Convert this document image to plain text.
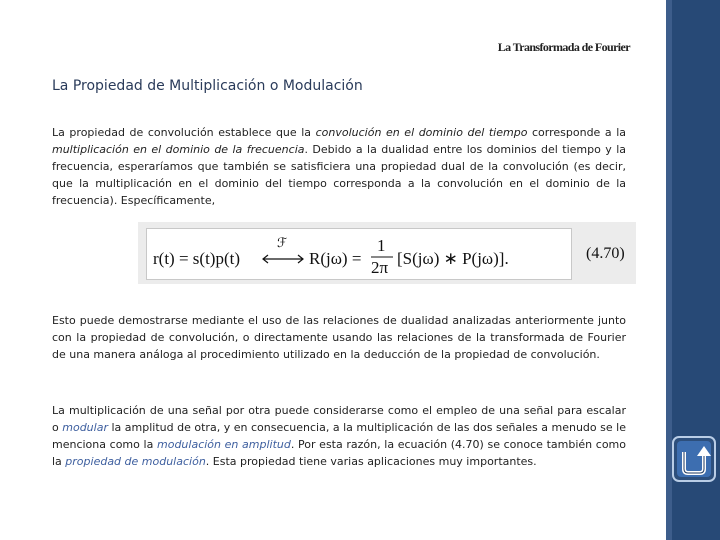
La Transformada de Fourier
La Propiedad de Multiplicación o Modulación

La propiedad de convolución establece que la convolución en el dominio del tiempo corresponde a la multiplicación en el dominio de la frecuencia. Debido a la dualidad entre los dominios del tiempo y la frecuencia, esperaríamos que también se satisficiera una propiedad dual de la convolución (es decir, que la multiplicación en el dominio del tiempo corresponda a la convolución en el dominio de la frecuencia). Específicamente,

r(t) = s(t)p(t)
ℱ
R(jω) =
1
2π [S(jω) ∗ P(jω)].	(4.70)

Esto puede demostrarse mediante el uso de las relaciones de dualidad analizadas anteriormente junto con la propiedad de convolución, o directamente usando las relaciones de la transformada de Fourier de una manera análoga al procedimiento utilizado en la deducción de la propiedad de convolución.

La multiplicación de una señal por otra puede considerarse como el empleo de una señal para escalar o modular la amplitud de otra, y en consecuencia, a la multiplicación de las dos señales a menudo se le menciona como la modulación en amplitud. Por esta razón, la ecuación (4.70) se conoce también como la propiedad de modulación. Esta propiedad tiene varias aplicaciones muy importantes.
